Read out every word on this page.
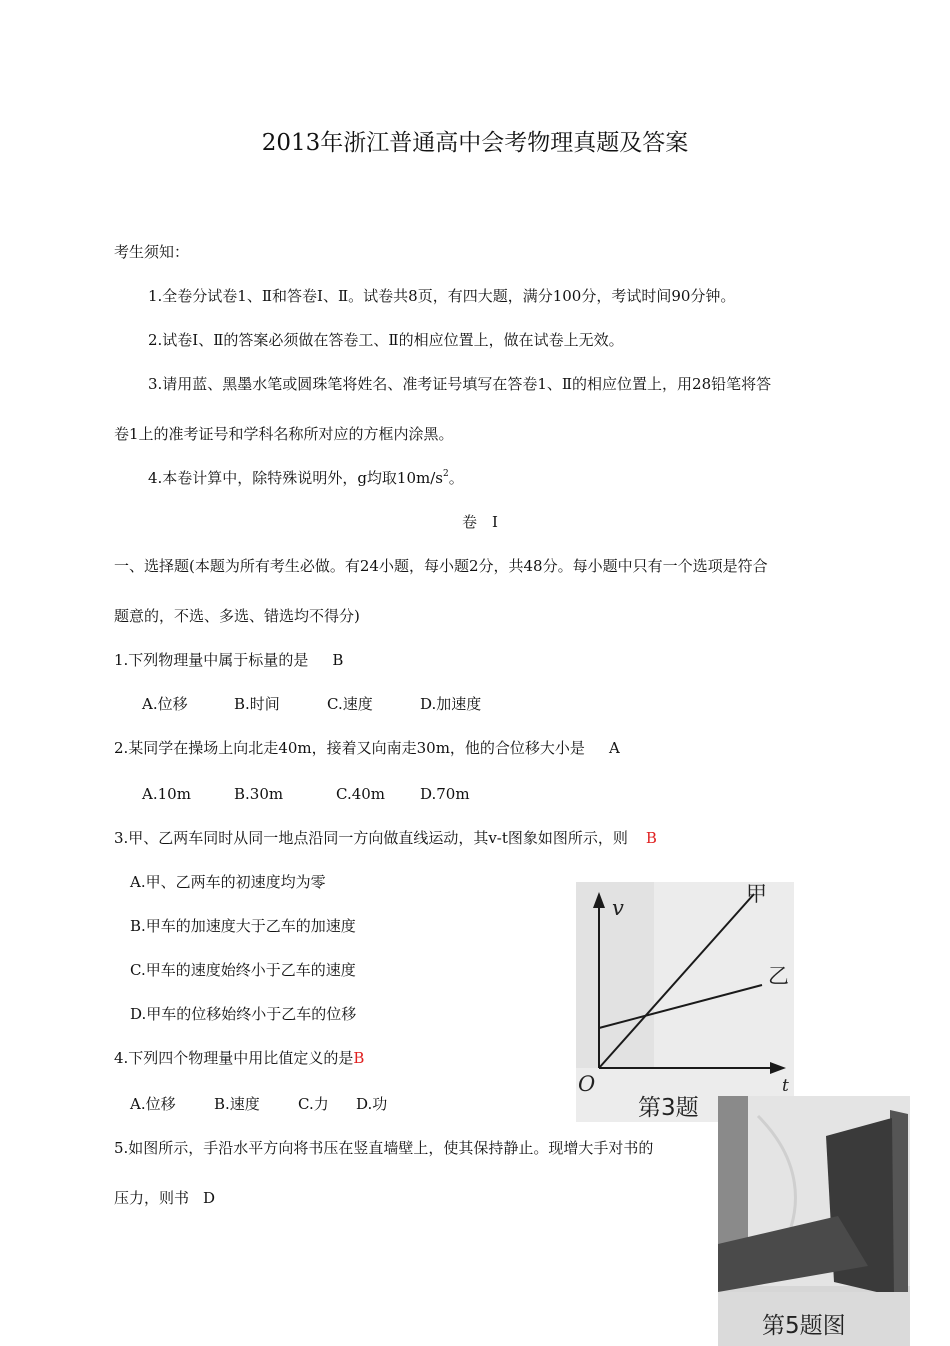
2013年浙江普通高中会考物理真题及答案
考生须知：
1.全卷分试卷1、Ⅱ和答卷Ⅰ、Ⅱ。试卷共8页，有四大题，满分100分，考试时间90分钟。
2.试卷Ⅰ、Ⅱ的答案必须做在答卷工、Ⅱ的相应位置上，做在试卷上无效。
3.请用蓝、黑墨水笔或圆珠笔将姓名、准考证号填写在答卷1、Ⅱ的相应位置上，用28铅笔将答
卷1上的准考证号和学科名称所对应的方框内涂黑。
4.本卷计算中，除特殊说明外，g均取$10m/s^2$。
卷　I
一、选择题(本题为所有考生必做。有24小题，每小题2分，共48分。每小题中只有一个选项是符合
题意的，不选、多选、错选均不得分)
1.下列物理量中属于标量的是 B
A.位移	B.时间	C.速度	D.加速度
2.某同学在操场上向北走40m，接着又向南走30m，他的合位移大小是 A
A.10m	B.30m	C.40m D.70m
3.甲、乙两车同时从同一地点沿同一方向做直线运动，其v-t图象如图所示，则 B
A.甲、乙两车的初速度均为零
B.甲车的加速度大于乙车的加速度
C.甲车的速度始终小于乙车的速度
D.甲车的位移始终小于乙车的位移
4.下列四个物理量中用比值定义的是B
A.位移	B.速度	C.力 D.功
5.如图所示，手沿水平方向将书压在竖直墙壁上，使其保持静止。现增大手对书的
压力，则书 D
v
O
甲
乙
t
第3题
第5题图
